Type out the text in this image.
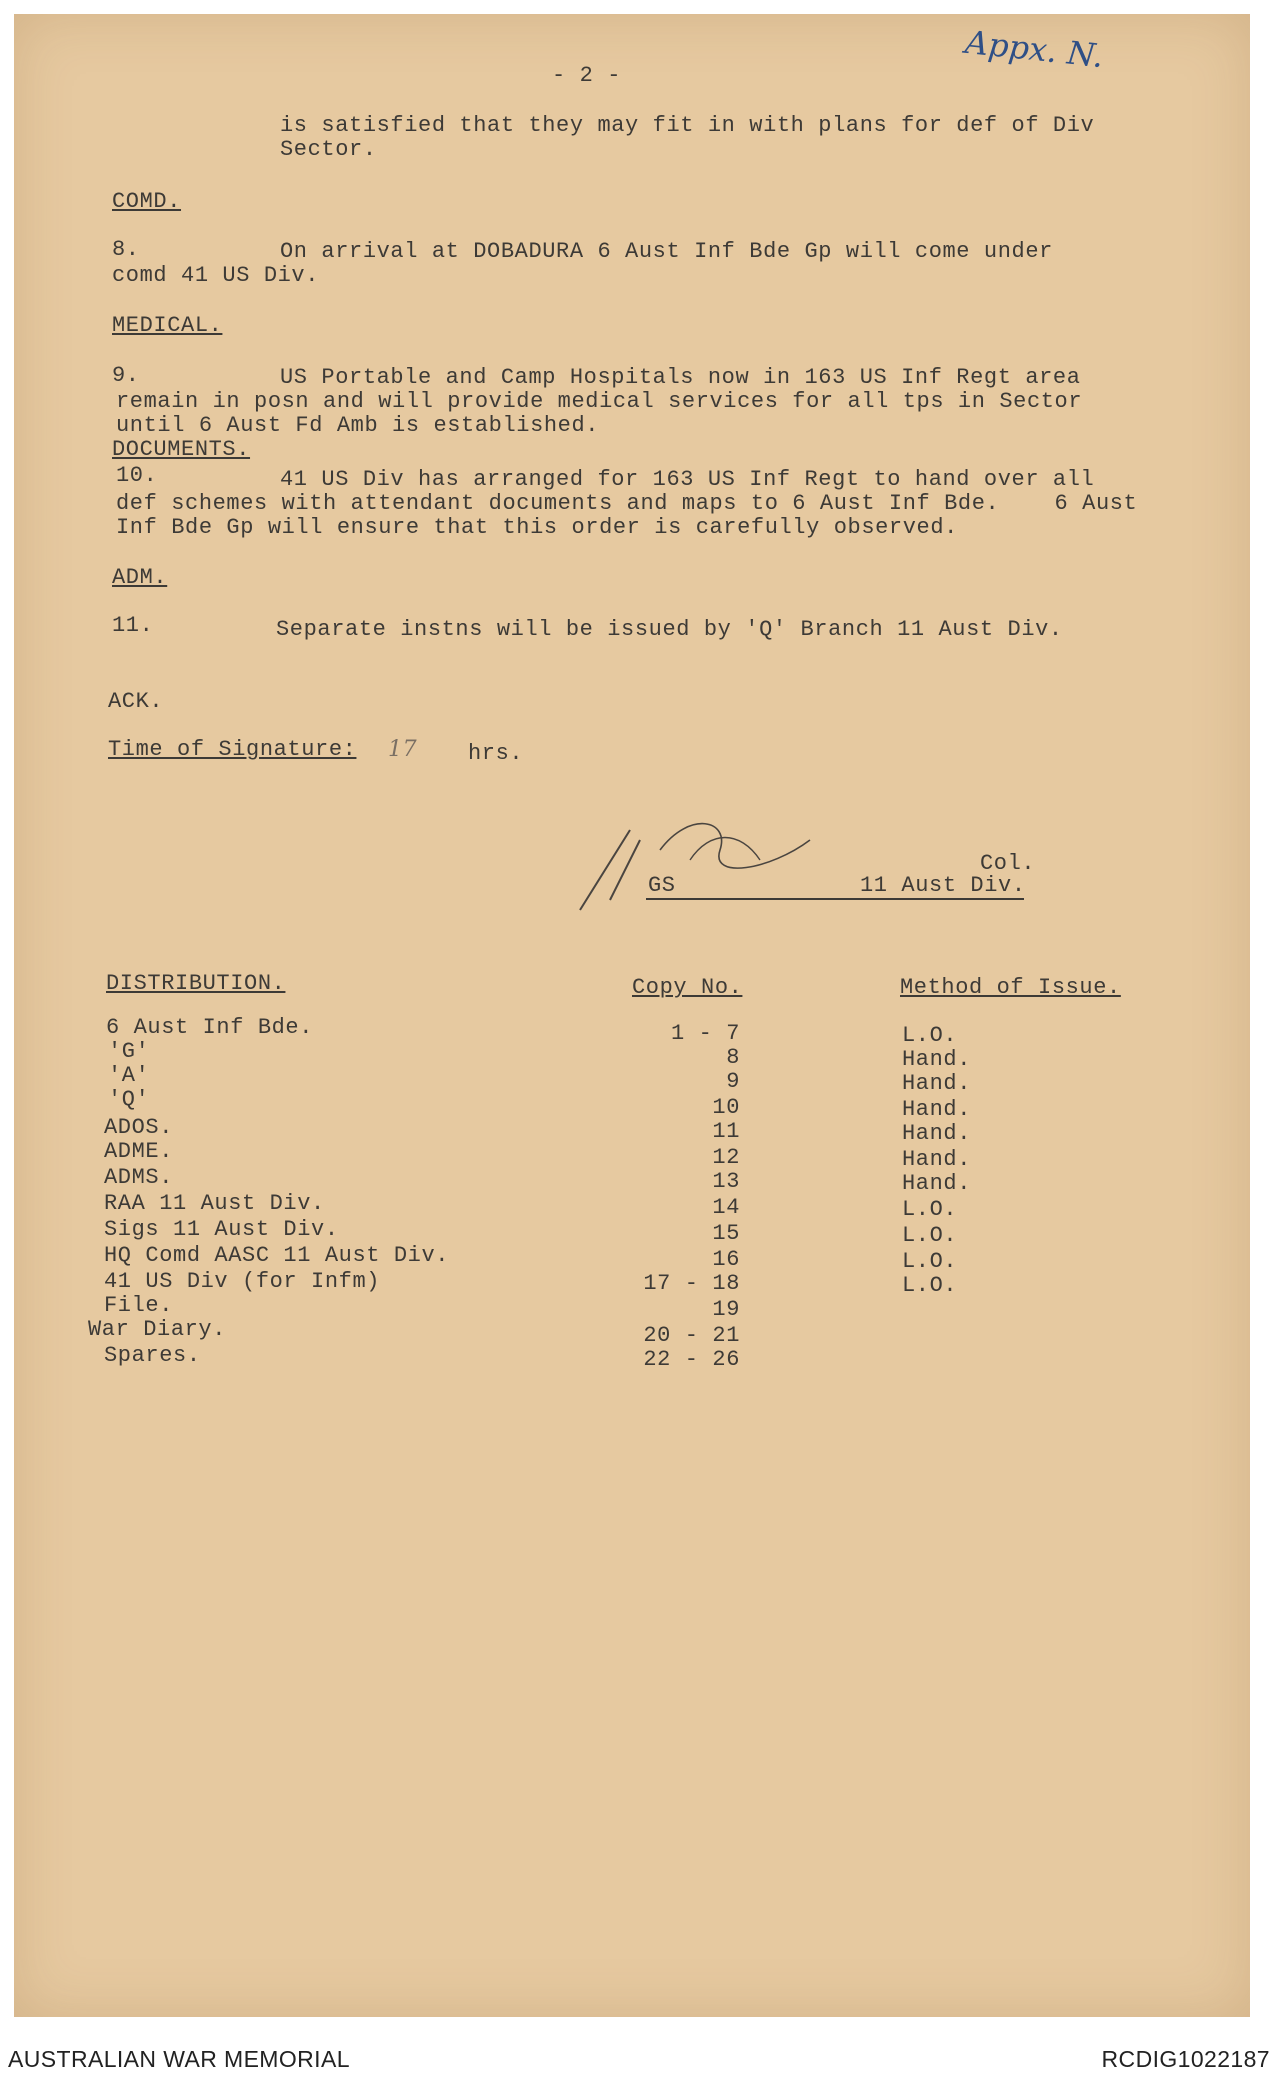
- 2 -
Appx. N.
is satisfied that they may fit in with plans for def of Div
Sector.
COMD.
8.	On arrival at DOBADURA 6 Aust Inf Bde Gp will come under
comd 41 US Div.
MEDICAL.
9.	US Portable and Camp Hospitals now in 163 US Inf Regt area
remain in posn and will provide medical services for all tps in Sector
until 6 Aust Fd Amb is established.
DOCUMENTS.
10.	41 US Div has arranged for 163 US Inf Regt to hand over all
def schemes with attendant documents and maps to 6 Aust Inf Bde.    6 Aust
Inf Bde Gp will ensure that this order is carefully observed.
ADM.
11.	Separate instns will be issued by 'Q' Branch 11 Aust Div.
ACK.
Time of Signature: 17 hrs.
Col.
GS	11 Aust Div.
DISTRIBUTION.	Copy No.	Method of Issue.
6 Aust Inf Bde.	1 - 7	L.O.
'G'	8	Hand.
'A'	9	Hand.
'Q'	10	Hand.
ADOS.	11	Hand.
ADME.	12	Hand.
ADMS.	13	Hand.
RAA 11 Aust Div.	14	L.O.
Sigs 11 Aust Div.	15	L.O.
HQ Comd AASC 11 Aust Div.	16	L.O.
41 US Div (for Infm)	17 - 18	L.O.
File.	19
War Diary.	20 - 21
Spares.	22 - 26
AUSTRALIAN WAR MEMORIAL	RCDIG1022187
